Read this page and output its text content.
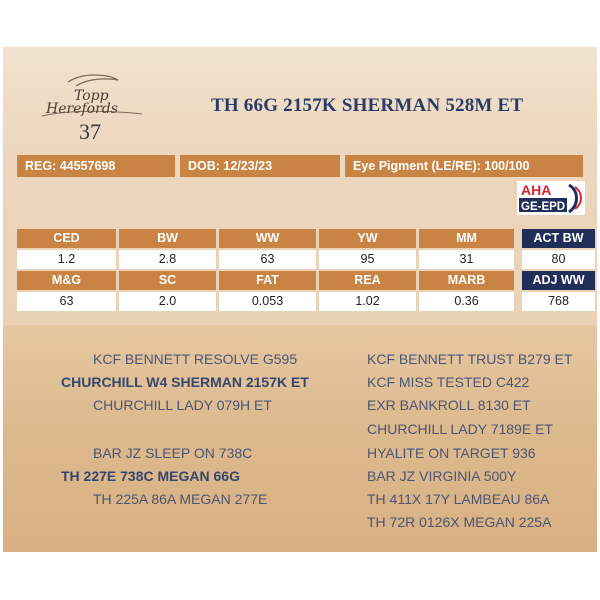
Topp
Herefords
37
TH 66G 2157K SHERMAN 528M ET
REG: 44557698	DOB: 12/23/23	Eye Pigment (LE/RE): 100/100
AHA
GE-EPD
CED	BW	WW	YW	MM	ACT BW
1.2	2.8	63	95	31	80
M&G	SC	FAT	REA	MARB	ADJ WW
63	2.0	0.053	1.02	0.36	768
KCF BENNETT RESOLVE G595
CHURCHILL W4 SHERMAN 2157K ET
CHURCHILL LADY 079H ET
BAR JZ SLEEP ON 738C
TH 227E 738C MEGAN 66G
TH 225A 86A MEGAN 277E
KCF BENNETT TRUST B279 ET
KCF MISS TESTED C422
EXR BANKROLL 8130 ET
CHURCHILL LADY 7189E ET
HYALITE ON TARGET 936
BAR JZ VIRGINIA 500Y
TH 411X 17Y LAMBEAU 86A
TH 72R 0126X MEGAN 225A
